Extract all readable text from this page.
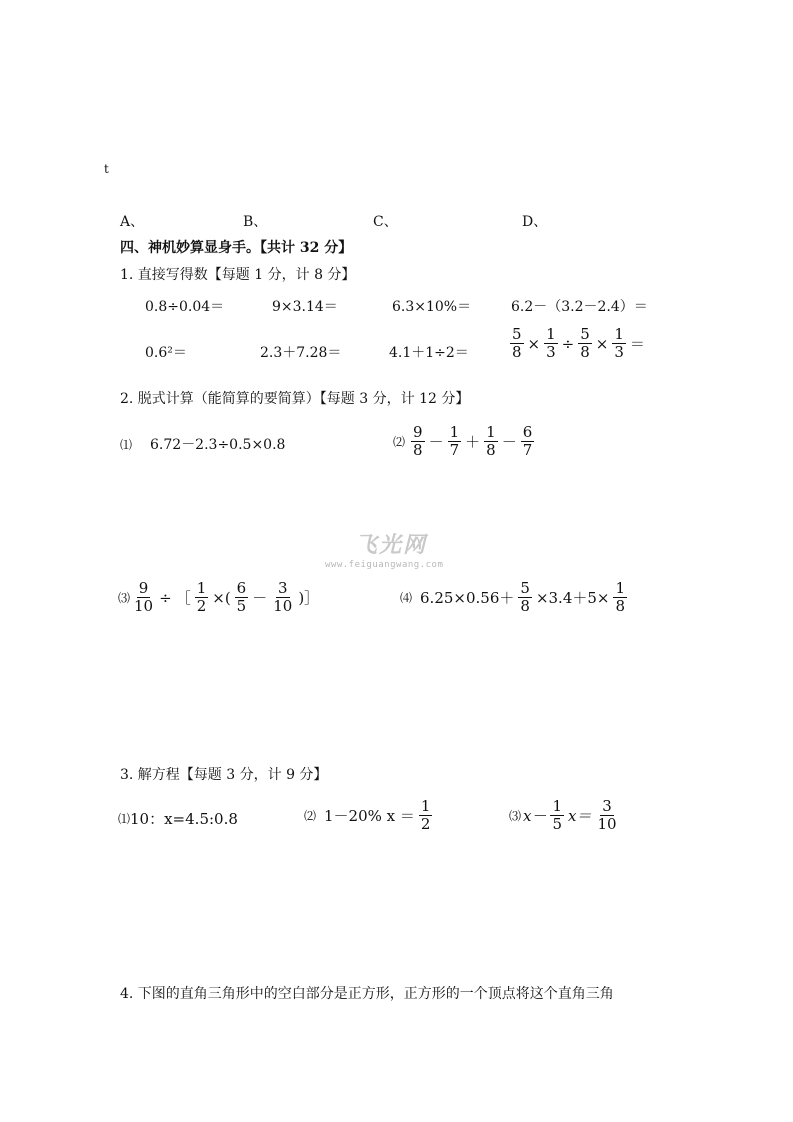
t
A、	B、	C、	D、
四、神机妙算显身手。【共计 32 分】
1. 直接写得数【每题 1 分，计 8 分】
0.8÷0.04＝	9×3.14＝	6.3×10%＝	6.2－（3.2－2.4）＝
0.6²＝	2.3＋7.28＝	4.1＋1÷2＝	$\frac{5}{8} \times \frac{1}{3} \div \frac{5}{8} \times \frac{1}{3}$ ＝
2. 脱式计算（能简算的要简算）【每题 3 分，计 12 分】
⑴ 6.72－2.3÷0.5×0.8	⑵ $\frac{9}{8} - \frac{1}{7} + \frac{1}{8} - \frac{6}{7}$
飞光网
www.feiguangwang.com
⑶ $\frac{9}{10}$ ÷ ［ $\frac{1}{2}$ ×( $\frac{6}{5} - \frac{3}{10}$ )］	⑷ $6.25\times 0.56+ \frac{5}{8} \times 3.4+5\times \frac{1}{8}$
3. 解方程【每题 3 分，计 9 分】
⑴ 10：x=4.5:0.8	⑵ 1－20% $x = \frac{1}{2}$	⑶ $x- \frac{1}{5} x= \frac{3}{10}$
4. 下图的直角三角形中的空白部分是正方形，正方形的一个顶点将这个直角三角
